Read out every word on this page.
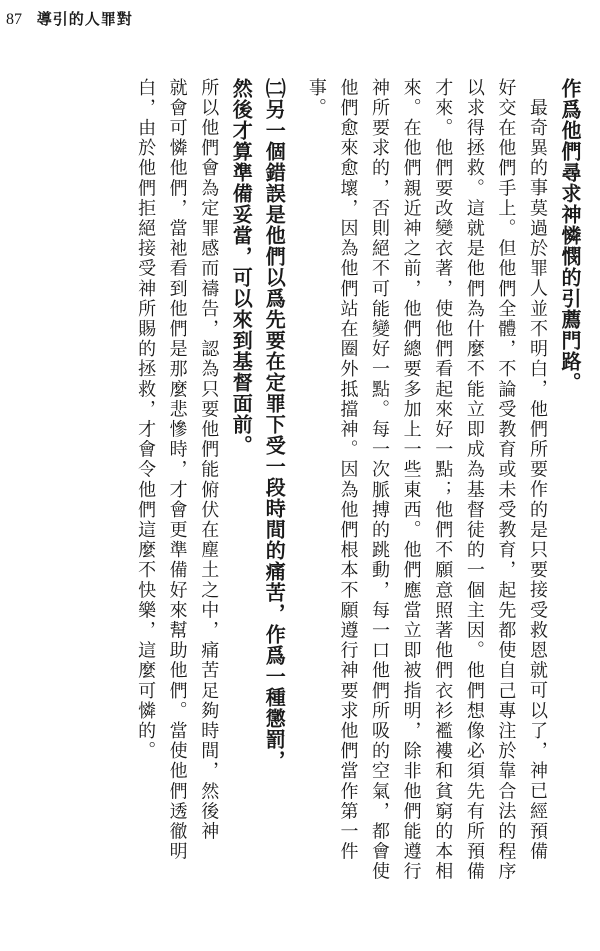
87 導引的人罪對
作爲他們尋求神憐憫的引薦門路。
最奇異的事莫過於罪人並不明白，他們所要作的是只要接受救恩就可以了，神已經預備
好交在他們手上。但他們全體，不論受教育或未受教育，起先都使自己專注於靠合法的程序
以求得拯救。這就是他們為什麼不能立即成為基督徒的一個主因。他們想像必須先有所預備
才來。他們要改變衣著，使他們看起來好一點；他們不願意照著他們衣衫襤褸和貧窮的本相
來。在他們親近神之前，他們總要多加上一些東西。他們應當立即被指明，除非他們能遵行
神所要求的，否則絕不可能變好一點。每一次脈搏的跳動，每一口他們所吸的空氣，都會使
他們愈來愈壞，因為他們站在圈外抵擋神。因為他們根本不願遵行神要求他們當作第一件
事。
㈡另一個錯誤是他們以爲先要在定罪下受一段時間的痛苦，作爲一種懲罰，
然後才算準備妥當，可以來到基督面前。
所以他們會為定罪感而禱告，認為只要他們能俯伏在塵土之中，痛苦足夠時間，然後神
就會可憐他們，當祂看到他們是那麼悲慘時，才會更準備好來幫助他們。當使他們透徹明
白，由於他們拒絕接受神所賜的拯救，才會令他們這麼不快樂，這麼可憐的。
